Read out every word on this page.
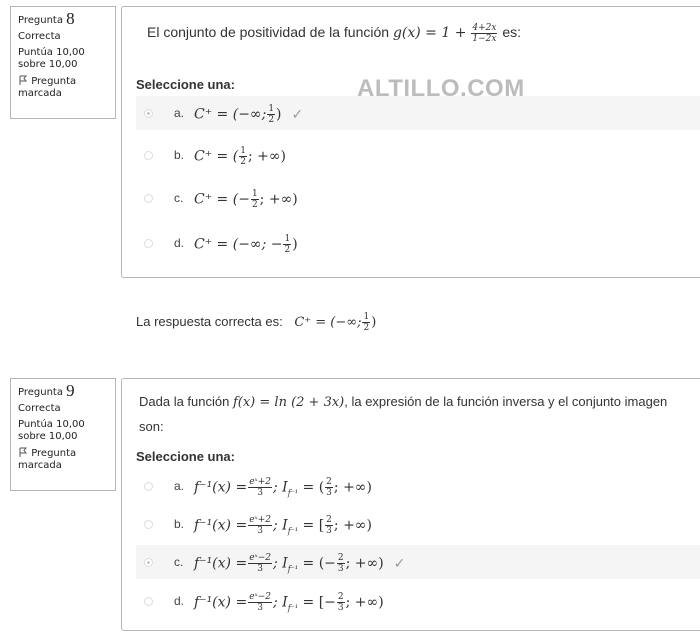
Pregunta 8
Correcta
Puntúa 10,00 sobre 10,00
Pregunta marcada
El conjunto de positividad de la función $g(x) = 1 + \frac{4+2x}{1-2x}$ es:
Seleccione una:
a. C⁺ = (−∞; $\frac{1}{2}$ ) ✓
b. C⁺ = ( $\frac{1}{2}$ ; +∞)
c. C⁺ = (− $\frac{1}{2}$ ; +∞)
d. C⁺ = (−∞; − $\frac{1}{2}$ )
ALTILLO.COM
La respuesta correcta es: C⁺ = (−∞; $\frac{1}{2}$ )
Pregunta 9
Correcta
Puntúa 10,00 sobre 10,00
Pregunta marcada
Dada la función f(x) = ln (2 + 3x), la expresión de la función inversa y el conjunto imagen son:
Seleccione una:
a. $f^{-1}(x) = \frac{\text{eˣ+2}}{3}$ ; $I_{f^{-1}}$ = ( $\frac{2}{3}$ ; +∞)
b. $f^{-1}(x) = \frac{\text{eˣ+2}}{3}$ ; $I_{f^{-1}}$ = [ $\frac{2}{3}$ ; +∞)
c. $f^{-1}(x) = \frac{\text{eˣ−2}}{3}$ ; $I_{f^{-1}}$ = (− $\frac{2}{3}$ ; +∞) ✓
d. $f^{-1}(x) = \frac{\text{eˣ−2}}{3}$ ; $I_{f^{-1}}$ = [− $\frac{2}{3}$ ; +∞)
